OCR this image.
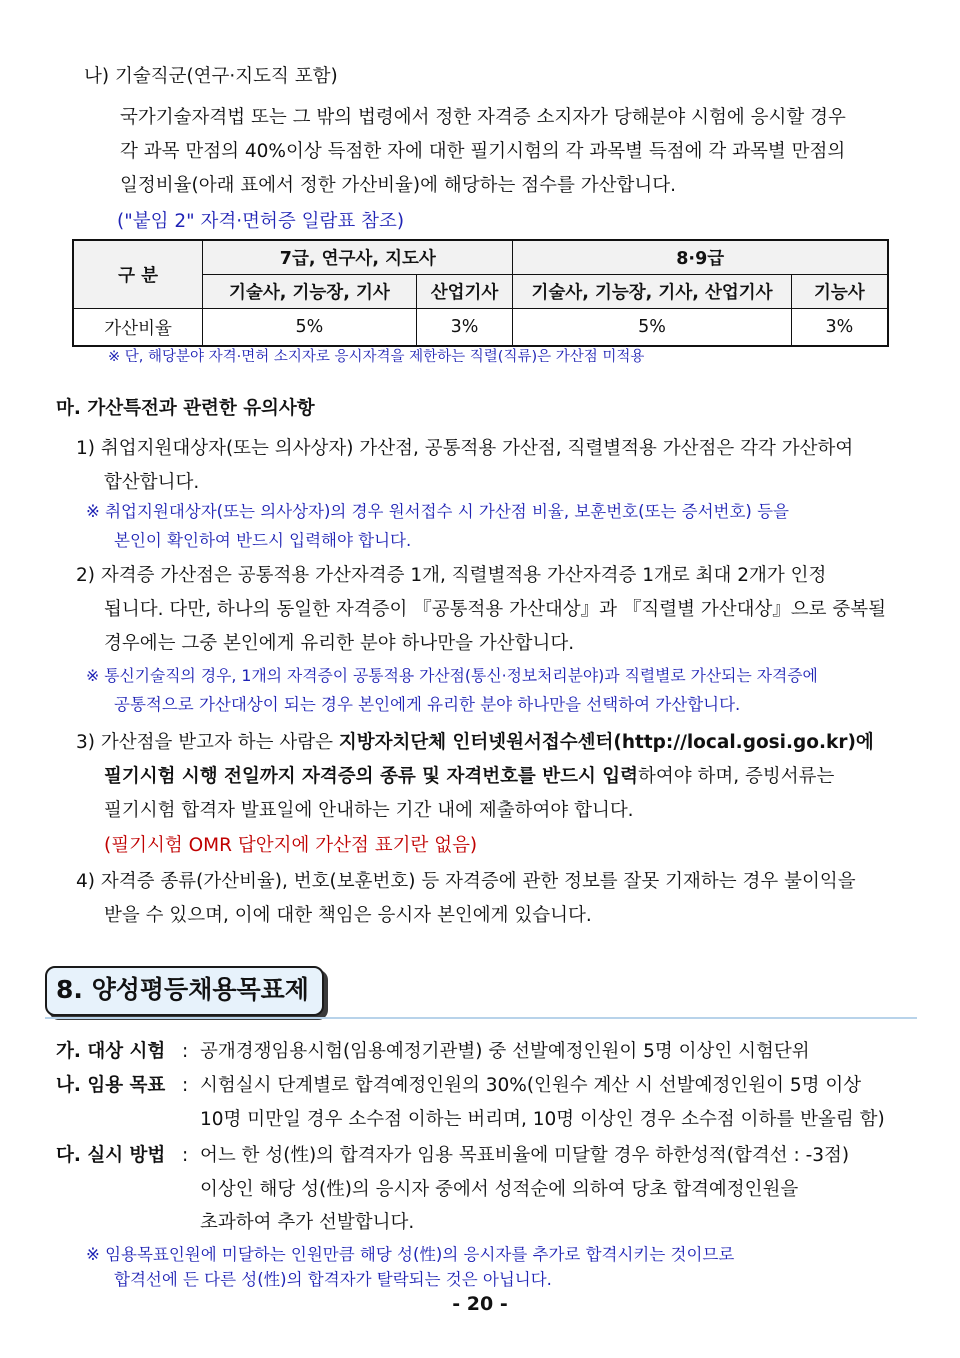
나) 기술직군(연구·지도직 포함)
국가기술자격법 또는 그 밖의 법령에서 정한 자격증 소지자가 당해분야 시험에 응시할 경우
각 과목 만점의 40%이상 득점한 자에 대한 필기시험의 각 과목별 득점에 각 과목별 만점의
일정비율(아래 표에서 정한 가산비율)에 해당하는 점수를 가산합니다.
("붙임 2" 자격·면허증 일람표 참조)
구 분	7급, 연구사, 지도사		8·9급	
	기술사, 기능장, 기사	산업기사	기술사, 기능장, 기사, 산업기사	기능사
가산비율	5%	3%	5%	3%
※ 단, 해당분야 자격·면허 소지자로 응시자격을 제한하는 직렬(직류)은 가산점 미적용
마. 가산특전과 관련한 유의사항
1) 취업지원대상자(또는 의사상자) 가산점, 공통적용 가산점, 직렬별적용 가산점은 각각 가산하여
합산합니다.
※ 취업지원대상자(또는 의사상자)의 경우 원서접수 시 가산점 비율, 보훈번호(또는 증서번호) 등을
본인이 확인하여 반드시 입력해야 합니다.
2) 자격증 가산점은 공통적용 가산자격증 1개, 직렬별적용 가산자격증 1개로 최대 2개가 인정
됩니다. 다만, 하나의 동일한 자격증이 『공통적용 가산대상』과 『직렬별 가산대상』으로 중복될
경우에는 그중 본인에게 유리한 분야 하나만을 가산합니다.
※ 통신기술직의 경우, 1개의 자격증이 공통적용 가산점(통신·정보처리분야)과 직렬별로 가산되는 자격증에
공통적으로 가산대상이 되는 경우 본인에게 유리한 분야 하나만을 선택하여 가산합니다.
3) 가산점을 받고자 하는 사람은 지방자치단체 인터넷원서접수센터(http://local.gosi.go.kr)에
필기시험 시행 전일까지 자격증의 종류 및 자격번호를 반드시 입력하여야 하며, 증빙서류는
필기시험 합격자 발표일에 안내하는 기간 내에 제출하여야 합니다.
(필기시험 OMR 답안지에 가산점 표기란 없음)
4) 자격증 종류(가산비율), 번호(보훈번호) 등 자격증에 관한 정보를 잘못 기재하는 경우 불이익을
받을 수 있으며, 이에 대한 책임은 응시자 본인에게 있습니다.
8. 양성평등채용목표제
가. 대상 시험 : 공개경쟁임용시험(임용예정기관별) 중 선발예정인원이 5명 이상인 시험단위
나. 임용 목표 : 시험실시 단계별로 합격예정인원의 30%(인원수 계산 시 선발예정인원이 5명 이상
10명 미만일 경우 소수점 이하는 버리며, 10명 이상인 경우 소수점 이하를 반올림 함)
다. 실시 방법 : 어느 한 성(性)의 합격자가 임용 목표비율에 미달할 경우 하한성적(합격선 : -3점)
이상인 해당 성(性)의 응시자 중에서 성적순에 의하여 당초 합격예정인원을
초과하여 추가 선발합니다.
※ 임용목표인원에 미달하는 인원만큼 해당 성(性)의 응시자를 추가로 합격시키는 것이므로
합격선에 든 다른 성(性)의 합격자가 탈락되는 것은 아닙니다.
- 20 -
